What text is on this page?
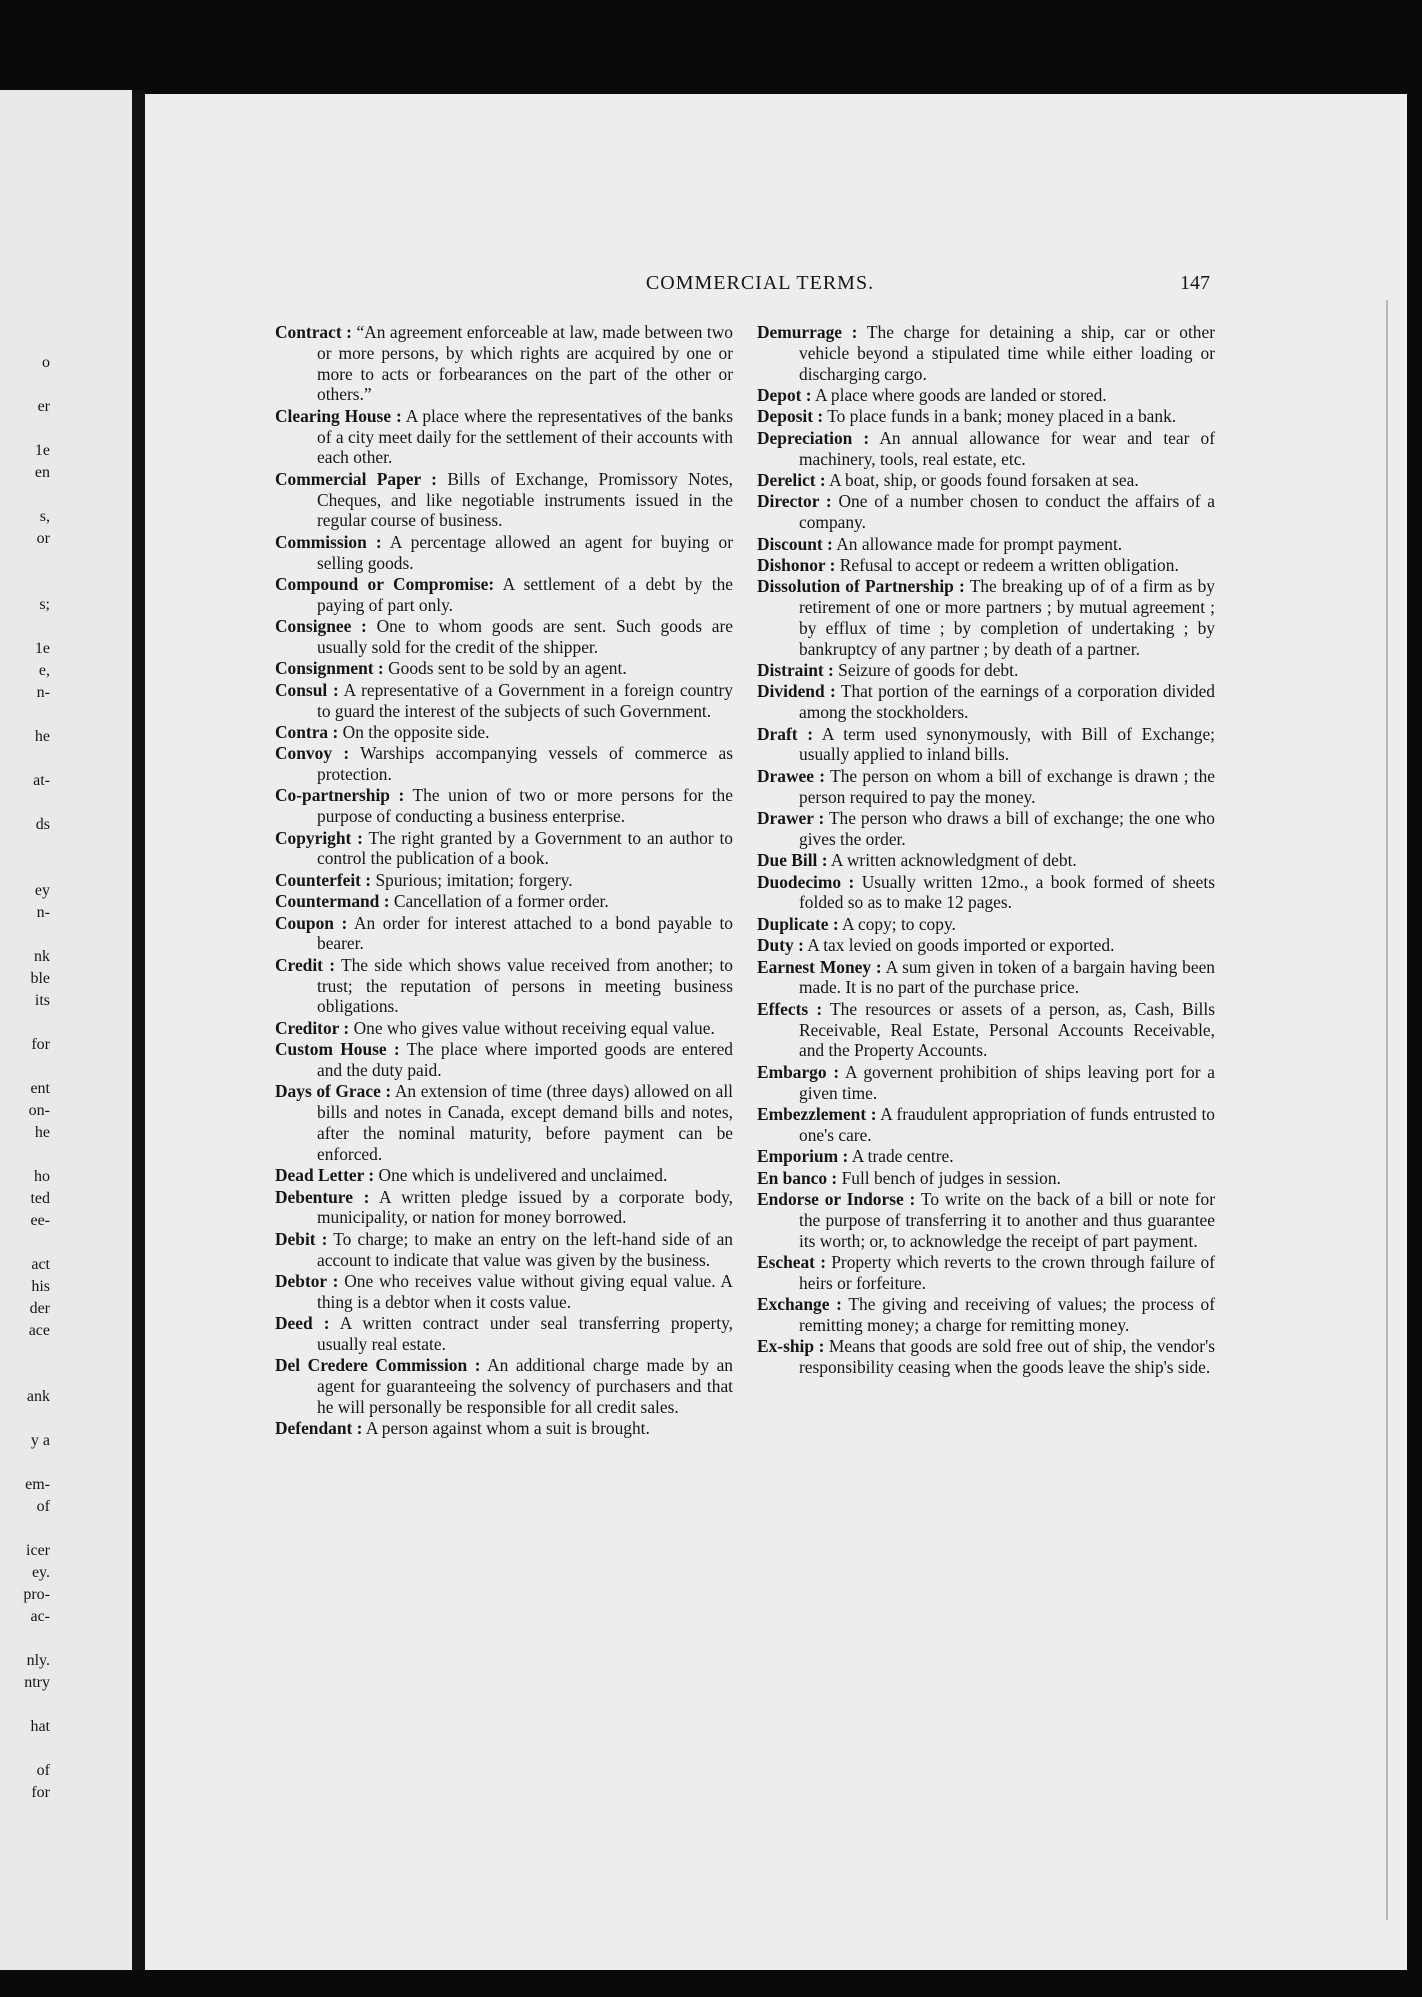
o
er
1e
en
s,
or
s;
1e
e,
n-
he
at-
ds
ey
n-
nk
ble
its
for
ent
on-
he
ho
ted
ee-
act
his
der
ace
ank
y a
em-
of
icer
ey.
pro-
ac-
nly.
ntry
hat
of
for
COMMERCIAL TERMS.	147

Contract : “An agreement enforceable at law, made between two or more persons, by which rights are acquired by one or more to acts or forbearances on the part of the other or others.”

Clearing House : A place where the representatives of the banks of a city meet daily for the settlement of their accounts with each other.

Commercial Paper : Bills of Exchange, Promissory Notes, Cheques, and like negotiable instruments issued in the regular course of business.

Commission : A percentage allowed an agent for buying or selling goods.

Compound or Compromise: A settlement of a debt by the paying of part only.

Consignee : One to whom goods are sent. Such goods are usually sold for the credit of the shipper.

Consignment : Goods sent to be sold by an agent.

Consul : A representative of a Government in a foreign country to guard the interest of the subjects of such Government.

Contra : On the opposite side.

Convoy : Warships accompanying vessels of commerce as protection.

Co-partnership : The union of two or more persons for the purpose of conducting a business enterprise.

Copyright : The right granted by a Government to an author to control the publication of a book.

Counterfeit : Spurious; imitation; forgery.

Countermand : Cancellation of a former order.

Coupon : An order for interest attached to a bond payable to bearer.

Credit : The side which shows value received from another; to trust; the reputation of persons in meeting business obligations.

Creditor : One who gives value without receiving equal value.

Custom House : The place where imported goods are entered and the duty paid.

Days of Grace : An extension of time (three days) allowed on all bills and notes in Canada, except demand bills and notes, after the nominal maturity, before payment can be enforced.

Dead Letter : One which is undelivered and unclaimed.

Debenture : A written pledge issued by a corporate body, municipality, or nation for money borrowed.

Debit : To charge; to make an entry on the left-hand side of an account to indicate that value was given by the business.

Debtor : One who receives value without giving equal value. A thing is a debtor when it costs value.

Deed : A written contract under seal transferring property, usually real estate.

Del Credere Commission : An additional charge made by an agent for guaranteeing the solvency of purchasers and that he will personally be responsible for all credit sales.

Defendant : A person against whom a suit is brought.

Demurrage : The charge for detaining a ship, car or other vehicle beyond a stipulated time while either loading or discharging cargo.

Depot : A place where goods are landed or stored.

Deposit : To place funds in a bank; money placed in a bank.

Depreciation : An annual allowance for wear and tear of machinery, tools, real estate, etc.

Derelict : A boat, ship, or goods found forsaken at sea.

Director : One of a number chosen to conduct the affairs of a company.

Discount : An allowance made for prompt payment.

Dishonor : Refusal to accept or redeem a written obligation.

Dissolution of Partnership : The breaking up of of a firm as by retirement of one or more partners ; by mutual agreement ; by efflux of time ; by completion of undertaking ; by bankruptcy of any partner ; by death of a partner.

Distraint : Seizure of goods for debt.

Dividend : That portion of the earnings of a corporation divided among the stockholders.

Draft : A term used synonymously, with Bill of Exchange; usually applied to inland bills.

Drawee : The person on whom a bill of exchange is drawn ; the person required to pay the money.

Drawer : The person who draws a bill of exchange; the one who gives the order.

Due Bill : A written acknowledgment of debt.

Duodecimo : Usually written 12mo., a book formed of sheets folded so as to make 12 pages.

Duplicate : A copy; to copy.

Duty : A tax levied on goods imported or exported.

Earnest Money : A sum given in token of a bargain having been made. It is no part of the purchase price.

Effects : The resources or assets of a person, as, Cash, Bills Receivable, Real Estate, Personal Accounts Receivable, and the Property Accounts.

Embargo : A governent prohibition of ships leaving port for a given time.

Embezzlement : A fraudulent appropriation of funds entrusted to one's care.

Emporium : A trade centre.

En banco : Full bench of judges in session.

Endorse or Indorse : To write on the back of a bill or note for the purpose of transferring it to another and thus guarantee its worth; or, to acknowledge the receipt of part payment.

Escheat : Property which reverts to the crown through failure of heirs or forfeiture.

Exchange : The giving and receiving of values; the process of remitting money; a charge for remitting money.

Ex-ship : Means that goods are sold free out of ship, the vendor's responsibility ceasing when the goods leave the ship's side.
